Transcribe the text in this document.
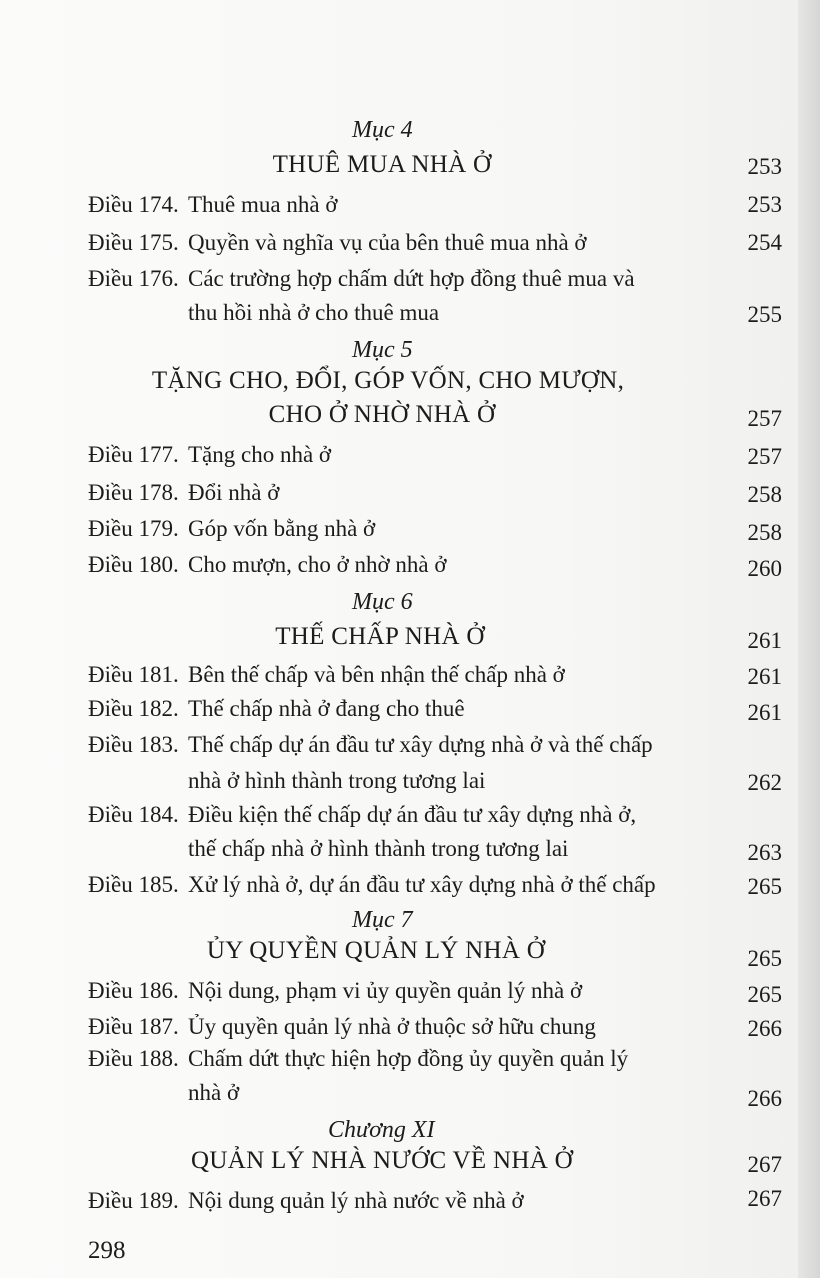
Mục 4
THUÊ MUA NHÀ Ở	253
Điều 174. Thuê mua nhà ở	253
Điều 175. Quyền và nghĩa vụ của bên thuê mua nhà ở	254
Điều 176. Các trường hợp chấm dứt hợp đồng thuê mua và
thu hồi nhà ở cho thuê mua	255
Mục 5
TẶNG CHO, ĐỔI, GÓP VỐN, CHO MƯỢN,
CHO Ở NHỜ NHÀ Ở	257
Điều 177. Tặng cho nhà ở	257
Điều 178. Đổi nhà ở	258
Điều 179. Góp vốn bằng nhà ở	258
Điều 180. Cho mượn, cho ở nhờ nhà ở	260
Mục 6
THẾ CHẤP NHÀ Ở	261
Điều 181. Bên thế chấp và bên nhận thế chấp nhà ở	261
Điều 182. Thế chấp nhà ở đang cho thuê	261
Điều 183. Thế chấp dự án đầu tư xây dựng nhà ở và thế chấp
nhà ở hình thành trong tương lai	262
Điều 184. Điều kiện thế chấp dự án đầu tư xây dựng nhà ở,
thế chấp nhà ở hình thành trong tương lai	263
Điều 185. Xử lý nhà ở, dự án đầu tư xây dựng nhà ở thế chấp	265
Mục 7
ỦY QUYỀN QUẢN LÝ NHÀ Ở	265
Điều 186. Nội dung, phạm vi ủy quyền quản lý nhà ở	265
Điều 187. Ủy quyền quản lý nhà ở thuộc sở hữu chung	266
Điều 188. Chấm dứt thực hiện hợp đồng ủy quyền quản lý
nhà ở	266
Chương XI
QUẢN LÝ NHÀ NƯỚC VỀ NHÀ Ở	267
Điều 189. Nội dung quản lý nhà nước về nhà ở	267
298
